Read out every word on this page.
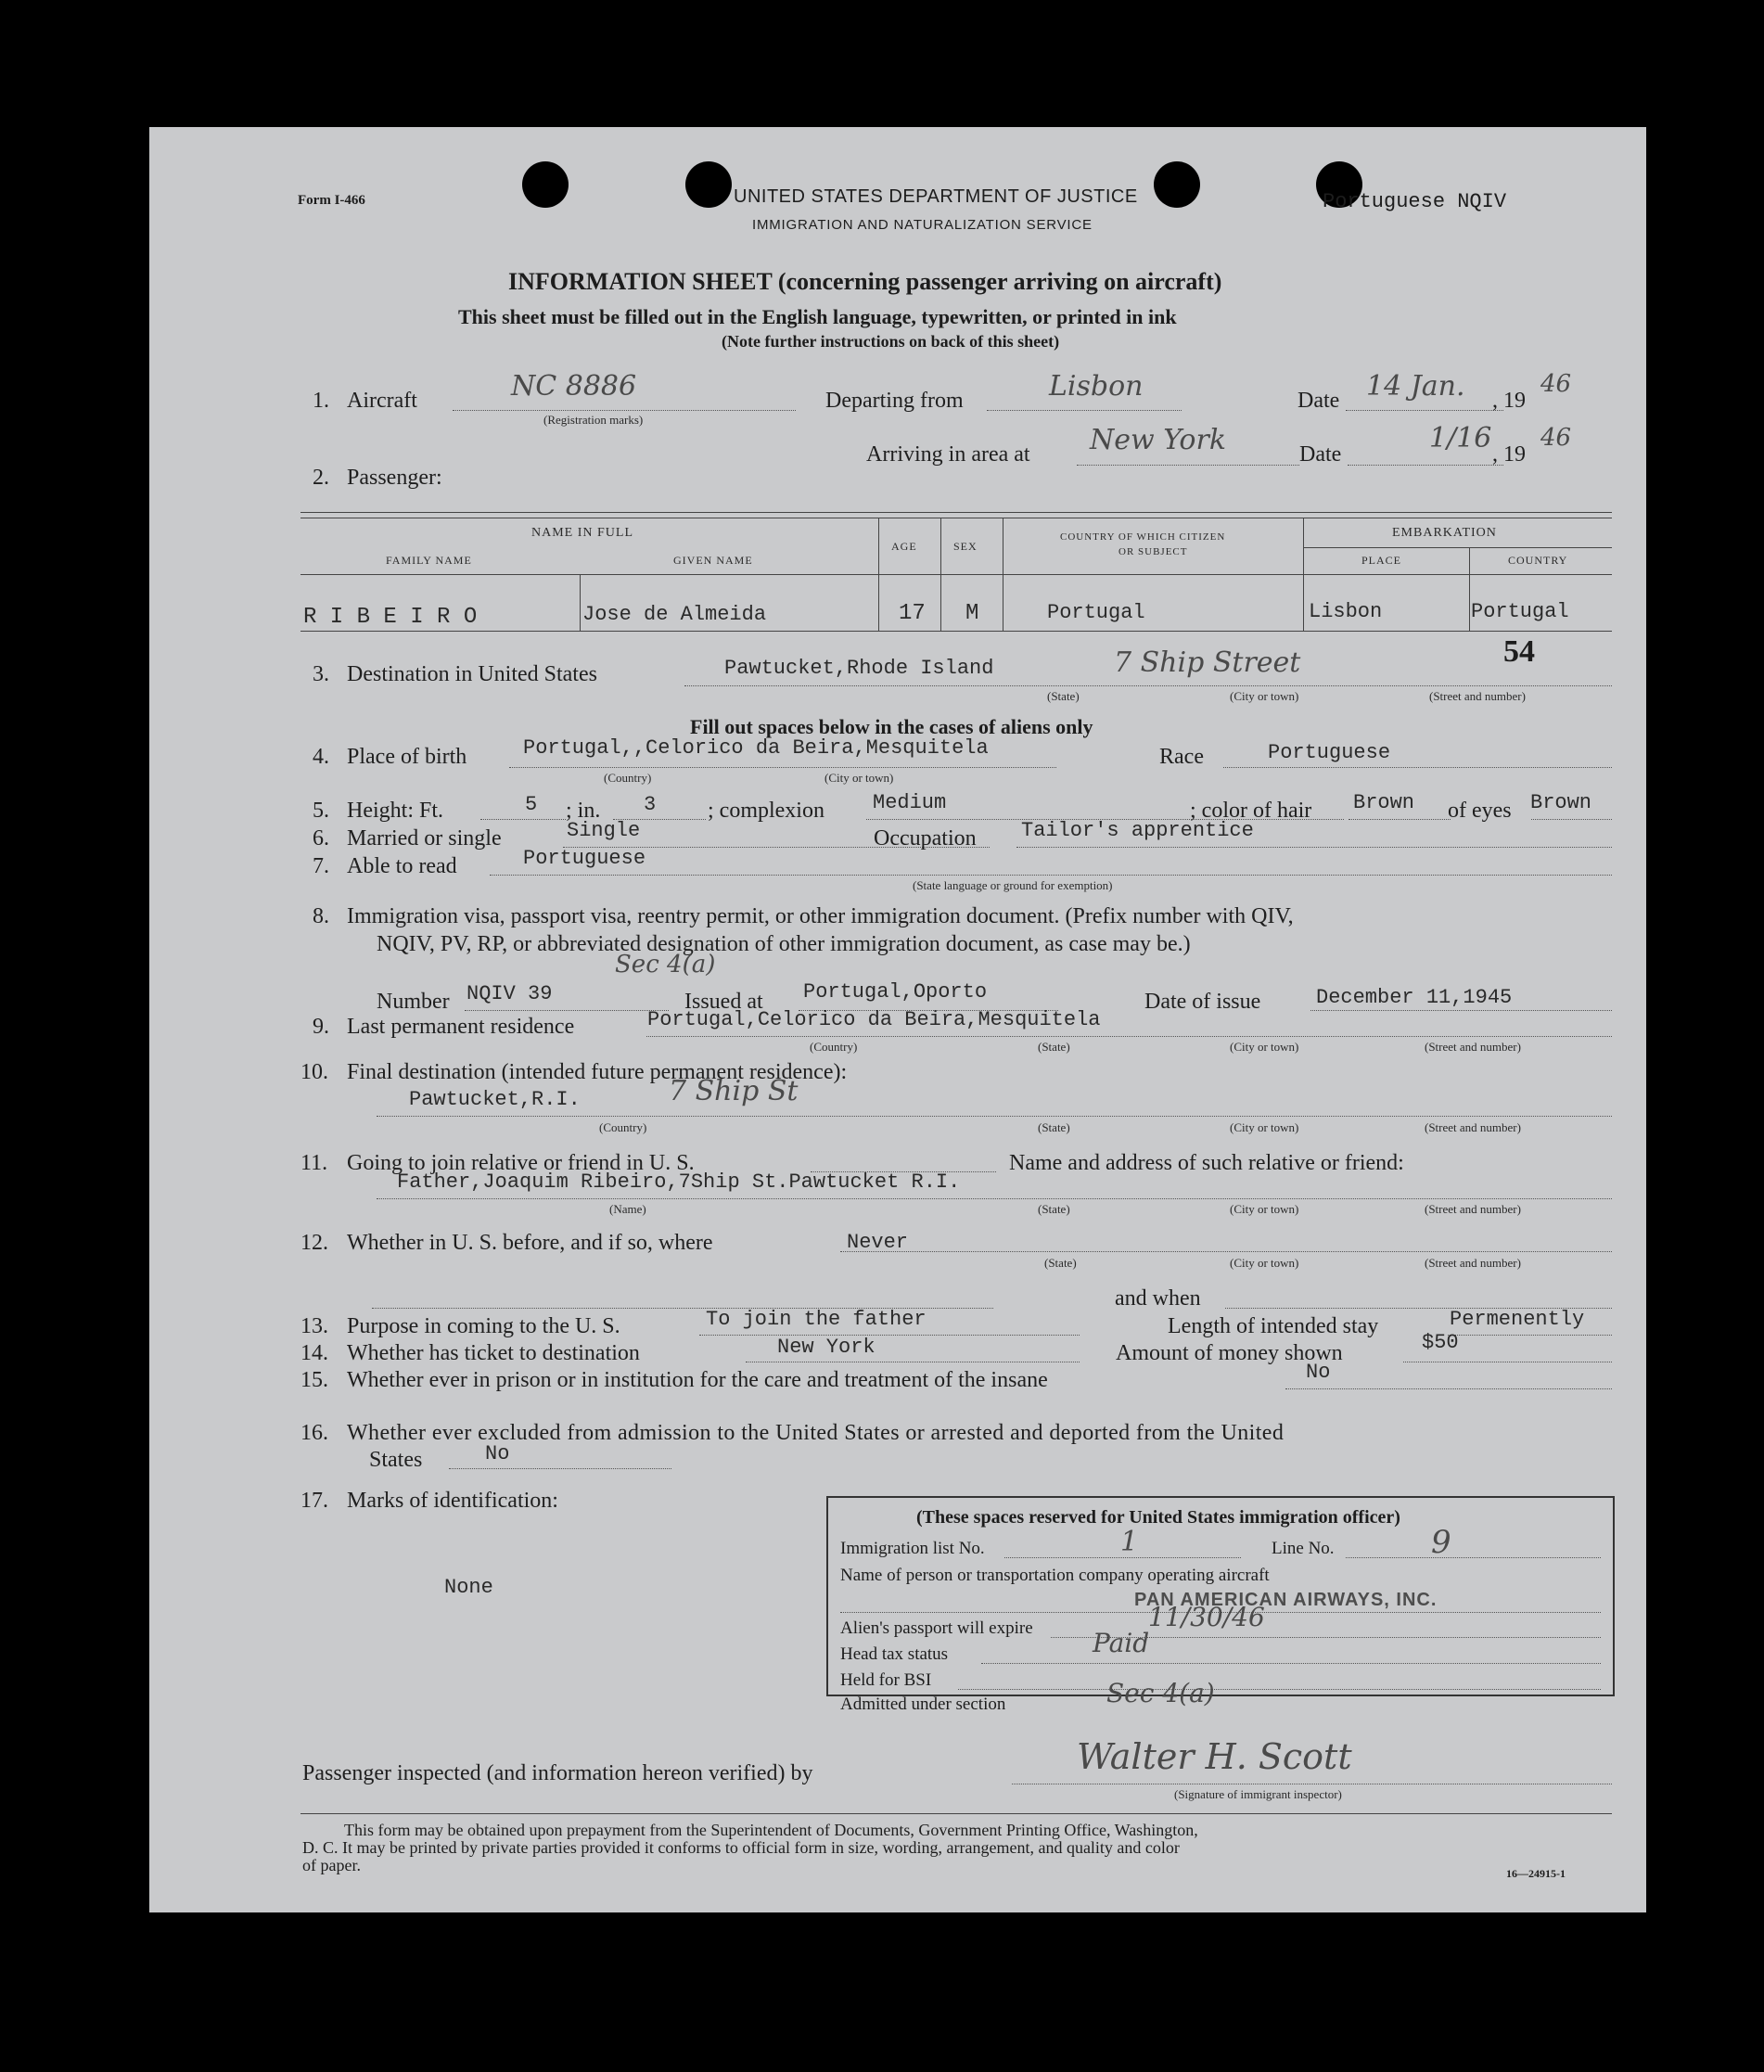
Form I-466	UNITED STATES DEPARTMENT OF JUSTICE
IMMIGRATION AND NATURALIZATION SERVICE
Portuguese NQIV
INFORMATION SHEET (concerning passenger arriving on aircraft)
This sheet must be filled out in the English language, typewritten, or printed in ink
(Note further instructions on back of this sheet)
1. Aircraft	NC 8886
(Registration marks)
Departing from	Lisbon	Date 14 Jan. , 19
46
Arriving in area at New York	Date	1/16 , 19
46
2. Passenger:
NAME IN FULL
FAMILY NAME	GIVEN NAME
AGE	SEX
COUNTRY OF WHICH CITIZEN
OR SUBJECT
EMBARKATION
PLACE	COUNTRY
R I B E I R O	Jose de Almeida	17 M	Portugal	Lisbon	Portugal
3. Destination in United States	Pawtucket,Rhode Island	7 Ship Street	54
(State)	(City or town)	(Street and number)
Fill out spaces below in the cases of aliens only
4. Place of birth	Portugal,,Celorico da Beira,Mesquitela
(Country)	(City or town)
Race	Portuguese
5. Height: Ft.	5 ; in. 3 ; complexion Medium	; color of hair Brown of eyes Brown
6. Married or single	Single	Occupation Tailor's apprentice
7. Able to read	Portuguese
(State language or ground for exemption)
8. Immigration visa, passport visa, reentry permit, or other immigration document. (Prefix number with QIV,
NQIV, PV, RP, or abbreviated designation of other immigration document, as case may be.)
Sec 4(a)
Number NQIV 39	Issued at Portugal,Oporto	Date of issue	December 11,1945
9. Last permanent residence	Portugal,Celorico da Beira,Mesquitela
(Country)	(State)	(City or town)	(Street and number)
10. Final destination (intended future permanent residence):
Pawtucket,R.I.	7 Ship St
(Country)	(State)	(City or town)	(Street and number)
11. Going to join relative or friend in U. S.	Name and address of such relative or friend:
Father,Joaquim Ribeiro,7Ship St.Pawtucket R.I.
(Name)	(State)	(City or town)	(Street and number)
12. Whether in U. S. before, and if so, where	Never
(State)	(City or town)	(Street and number)
and when
13. Purpose in coming to the U. S.	To join the father	Length of intended stay	Permenently
14. Whether has ticket to destination	New York	Amount of money shown	$50
15. Whether ever in prison or in institution for the care and treatment of the insane	No
16. Whether ever excluded from admission to the United States or arrested and deported from the United
States	No
17. Marks of identification:
None
(These spaces reserved for United States immigration officer)
Immigration list No.	1	Line No.	9
Name of person or transportation company operating aircraft
PAN AMERICAN AIRWAYS, INC.
Alien's passport will expire	11/30/46
Head tax status	Paid
Held for BSI
Admitted under section	Sec 4(a)
Passenger inspected (and information hereon verified) by	Walter H. Scott
(Signature of immigrant inspector)
This form may be obtained upon prepayment from the Superintendent of Documents, Government Printing Office, Washington,
D. C. It may be printed by private parties provided it conforms to official form in size, wording, arrangement, and quality and color
of paper.	16—24915-1
